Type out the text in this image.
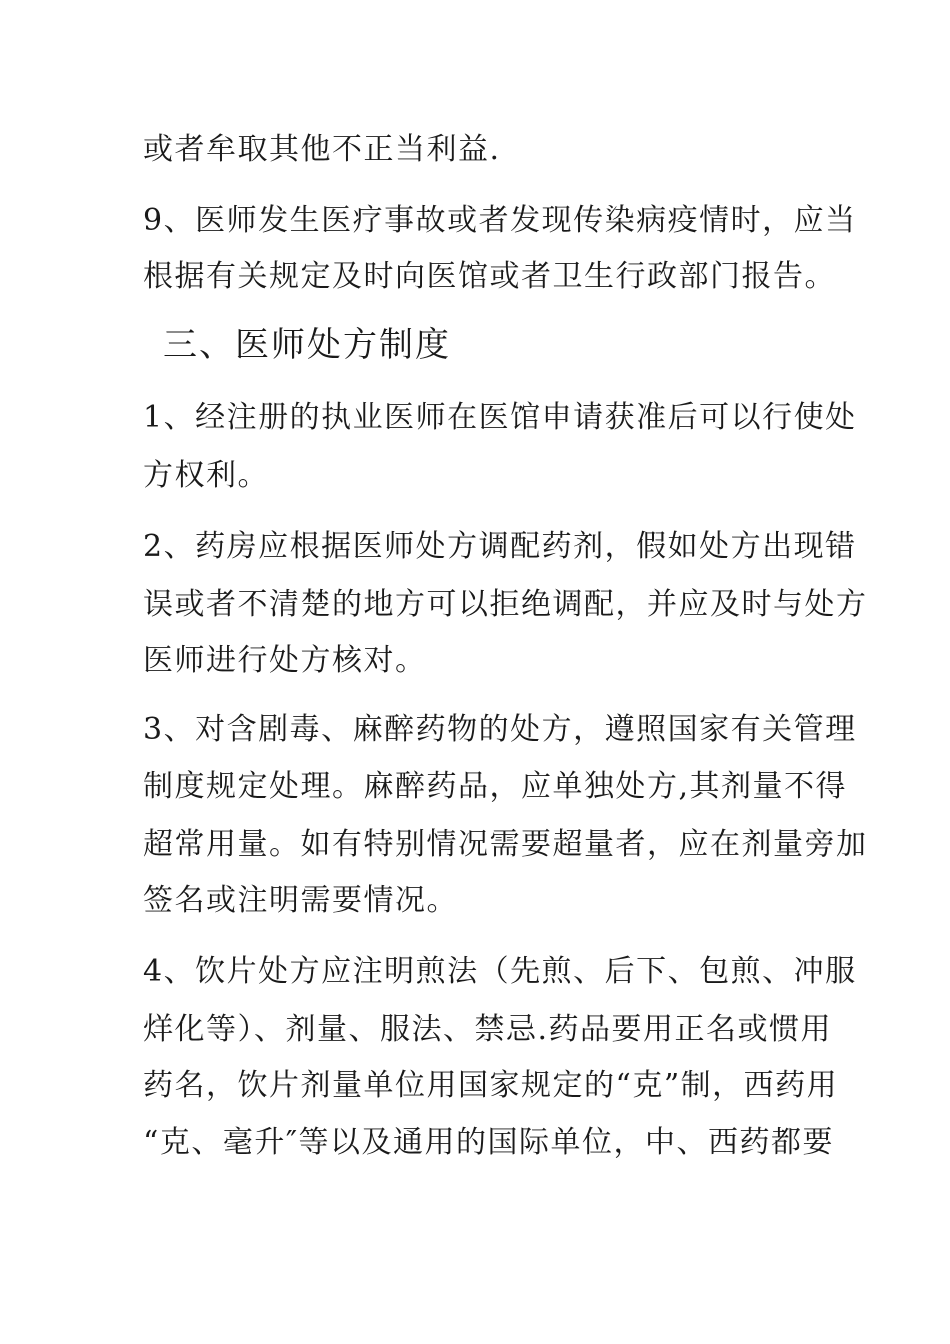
或者牟取其他不正当利益.
9、医师发生医疗事故或者发现传染病疫情时，应当
根据有关规定及时向医馆或者卫生行政部门报告。
三、医师处方制度
1、经注册的执业医师在医馆申请获准后可以行使处
方权利。
2、药房应根据医师处方调配药剂，假如处方出现错
误或者不清楚的地方可以拒绝调配，并应及时与处方
医师进行处方核对。
3、对含剧毒、麻醉药物的处方，遵照国家有关管理
制度规定处理。麻醉药品，应单独处方,其剂量不得
超常用量。如有特别情况需要超量者，应在剂量旁加
签名或注明需要情况。
4、饮片处方应注明煎法（先煎、后下、包煎、冲服
烊化等）、剂量、服法、禁忌.药品要用正名或惯用
药名，饮片剂量单位用国家规定的“克”制，西药用
“克、毫升″等以及通用的国际单位，中、西药都要
